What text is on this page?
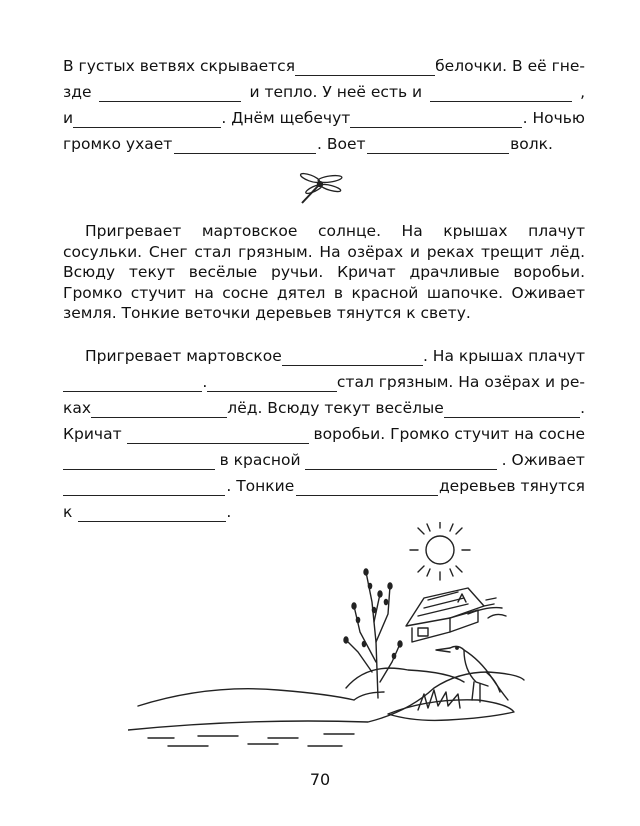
В густых ветвях скрывается	белочки. В её гне-
зде	и тепло. У неё есть и	,
и	. Днём щебечут	. Ночью
громко ухает	. Воет	волк.
Пригревает мартовское солнце. На крышах плачут сосульки. Снег стал грязным. На озёрах и реках трещит лёд. Всюду текут весёлые ручьи. Кричат драчливые воробьи. Громко стучит на сосне дятел в красной шапочке. Оживает земля. Тонкие веточки деревьев тянутся к свету.
Пригревает мартовское	. На крышах плачут
.	стал грязным. На озёрах и ре-
ках	лёд. Всюду текут весёлые	.
Кричат	воробьи. Громко стучит на сосне
в красной	. Оживает
. Тонкие	деревьев тянутся
к	.
70
